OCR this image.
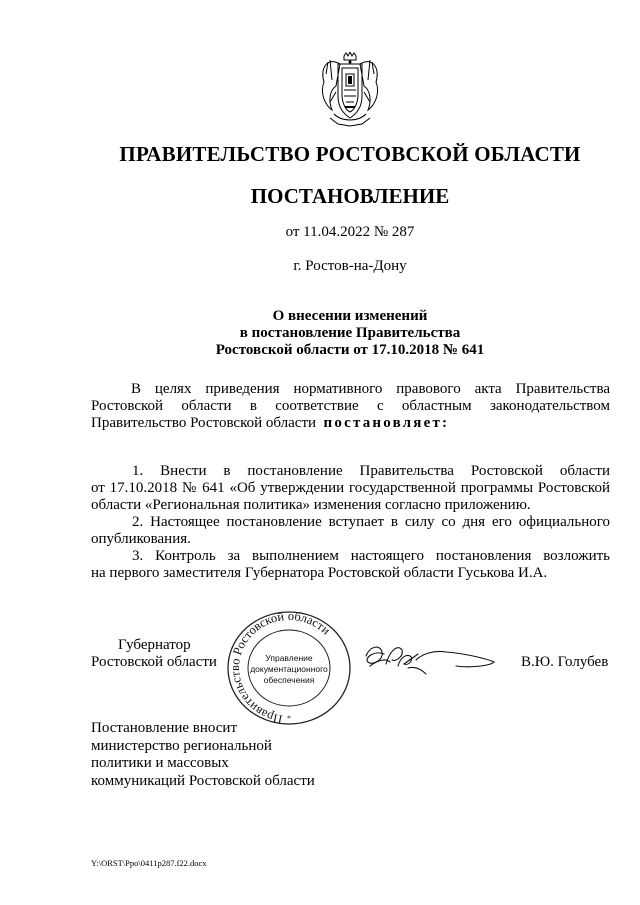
ПРАВИТЕЛЬСТВО РОСТОВСКОЙ ОБЛАСТИ
ПОСТАНОВЛЕНИЕ
от 11.04.2022 № 287
г. Ростов-на-Дону
О внесении изменений
в постановление Правительства
Ростовской области от 17.10.2018 № 641
В целях приведения нормативного правового акта Правительства
Ростовской области в соответствие с областным законодательством
Правительство Ростовской области постановляет:
1. Внести в постановление Правительства Ростовской области
от 17.10.2018 № 641 «Об утверждении государственной программы Ростовской
области «Региональная политика» изменения согласно приложению.
2. Настоящее постановление вступает в силу со дня его официального
опубликования.
3. Контроль за выполнением настоящего постановления возложить
на первого заместителя Губернатора Ростовской области Гуськова И.А.
Губернатор
Ростовской области
Правительство Ростовской области
Управление
документационного
обеспечения
*
В.Ю. Голубев
Постановление вносит
министерство региональной
политики и массовых
коммуникаций Ростовской области
Y:\ORST\Ppo\0411p287.f22.docx
